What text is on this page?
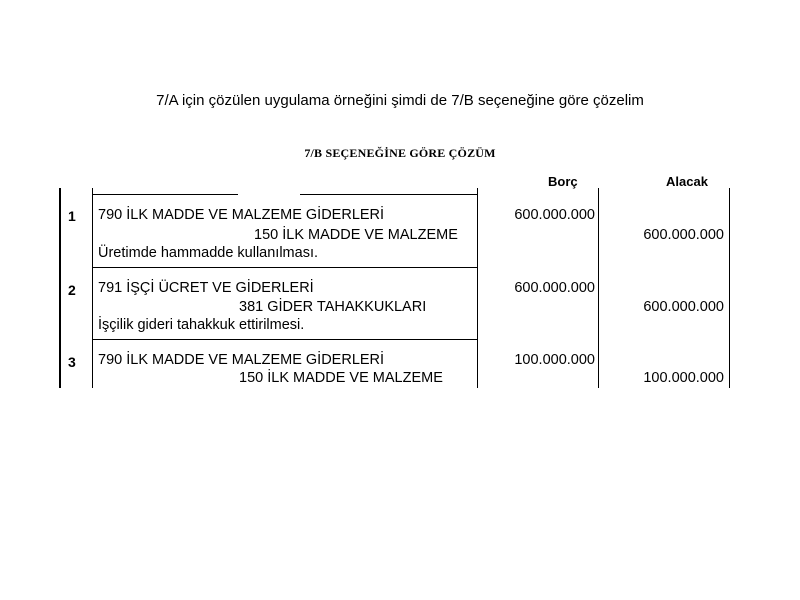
7/A için çözülen uygulama örneğini şimdi de 7/B seçeneğine göre çözelim
7/B SEÇENEĞİNE GÖRE ÇÖZÜM
Borç	Alacak
1 790 İLK MADDE VE MALZEME GİDERLERİ
150 İLK MADDE VE MALZEME
Üretimde hammadde kullanılması.
600.000.000
600.000.000
2 791 İŞÇİ ÜCRET VE GİDERLERİ
381 GİDER TAHAKKUKLARI
İşçilik gideri tahakkuk ettirilmesi.
600.000.000
600.000.000
3 790 İLK MADDE VE MALZEME GİDERLERİ
150 İLK MADDE VE MALZEME
100.000.000
100.000.000
